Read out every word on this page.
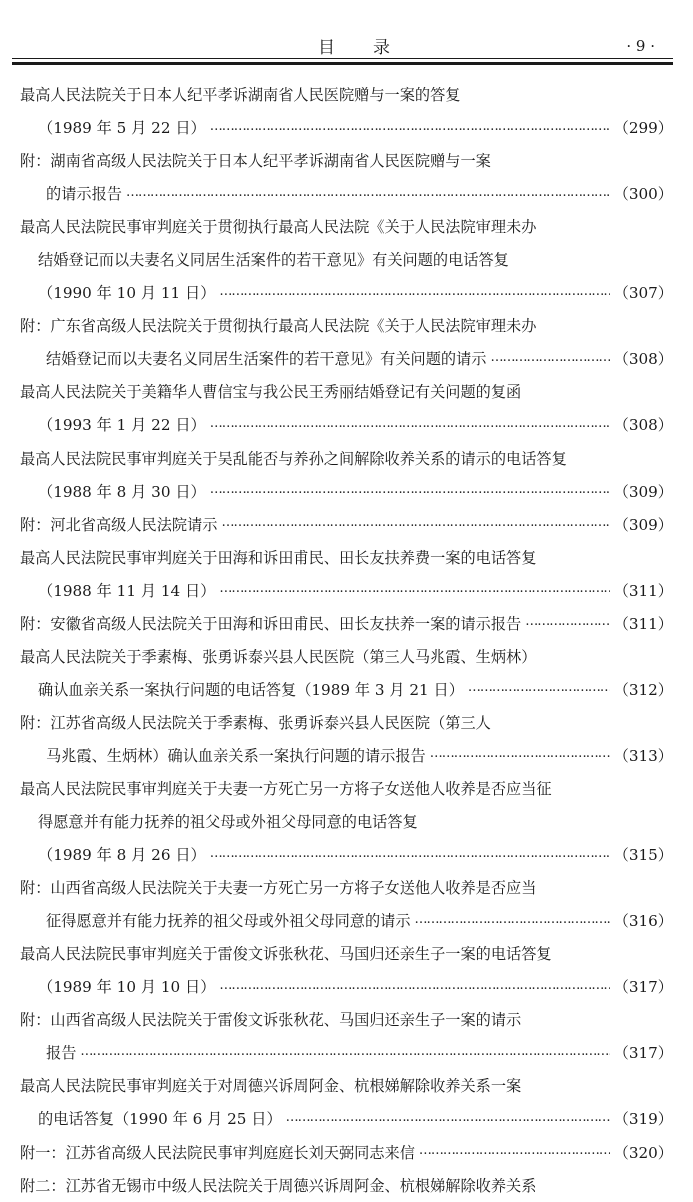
目 录	· 9 ·
最高人民法院关于日本人纪平孝诉湖南省人民医院赠与一案的答复
（1989 年 5 月 22 日） …………………………………………………………………………………………………………………………………………………………	（299）
附：湖南省高级人民法院关于日本人纪平孝诉湖南省人民医院赠与一案
的请示报告 …………………………………………………………………………………………………………………………………………………………	（300）
最高人民法院民事审判庭关于贯彻执行最高人民法院《关于人民法院审理未办
结婚登记而以夫妻名义同居生活案件的若干意见》有关问题的电话答复
（1990 年 10 月 11 日） …………………………………………………………………………………………………………………………………………………………	（307）
附：广东省高级人民法院关于贯彻执行最高人民法院《关于人民法院审理未办
结婚登记而以夫妻名义同居生活案件的若干意见》有关问题的请示 …………………………………………………………………………………………………………………………………………………………	（308）
最高人民法院关于美籍华人曹信宝与我公民王秀丽结婚登记有关问题的复函
（1993 年 1 月 22 日） …………………………………………………………………………………………………………………………………………………………	（308）
最高人民法院民事审判庭关于吴乱能否与养孙之间解除收养关系的请示的电话答复
（1988 年 8 月 30 日） …………………………………………………………………………………………………………………………………………………………	（309）
附：河北省高级人民法院请示 …………………………………………………………………………………………………………………………………………………………	（309）
最高人民法院民事审判庭关于田海和诉田甫民、田长友扶养费一案的电话答复
（1988 年 11 月 14 日） …………………………………………………………………………………………………………………………………………………………	（311）
附：安徽省高级人民法院关于田海和诉田甫民、田长友扶养一案的请示报告 …………………………………………………………………………………………………………………………………………………………	（311）
最高人民法院关于季素梅、张勇诉泰兴县人民医院（第三人马兆霞、生炳林）
确认血亲关系一案执行问题的电话答复（1989 年 3 月 21 日） …………………………………………………………………………………………………………………………………………………………	（312）
附：江苏省高级人民法院关于季素梅、张勇诉泰兴县人民医院（第三人
马兆霞、生炳林）确认血亲关系一案执行问题的请示报告 …………………………………………………………………………………………………………………………………………………………	（313）
最高人民法院民事审判庭关于夫妻一方死亡另一方将子女送他人收养是否应当征
得愿意并有能力抚养的祖父母或外祖父母同意的电话答复
（1989 年 8 月 26 日） …………………………………………………………………………………………………………………………………………………………	（315）
附：山西省高级人民法院关于夫妻一方死亡另一方将子女送他人收养是否应当
征得愿意并有能力抚养的祖父母或外祖父母同意的请示 …………………………………………………………………………………………………………………………………………………………	（316）
最高人民法院民事审判庭关于雷俊文诉张秋花、马国归还亲生子一案的电话答复
（1989 年 10 月 10 日） …………………………………………………………………………………………………………………………………………………………	（317）
附：山西省高级人民法院关于雷俊文诉张秋花、马国归还亲生子一案的请示
报告 …………………………………………………………………………………………………………………………………………………………	（317）
最高人民法院民事审判庭关于对周德兴诉周阿金、杭根娣解除收养关系一案
的电话答复（1990 年 6 月 25 日） …………………………………………………………………………………………………………………………………………………………	（319）
附一：江苏省高级人民法院民事审判庭庭长刘天弼同志来信 …………………………………………………………………………………………………………………………………………………………	（320）
附二：江苏省无锡市中级人民法院关于周德兴诉周阿金、杭根娣解除收养关系
